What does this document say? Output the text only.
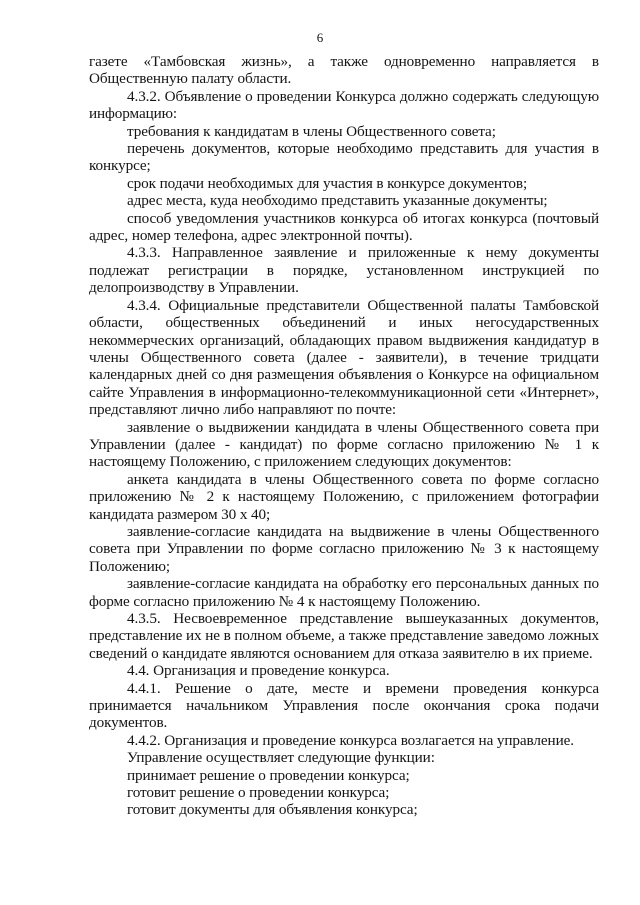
6

газете «Тамбовская жизнь», а также одновременно направляется в Общественную палату области.

4.3.2. Объявление о проведении Конкурса должно содержать следующую информацию:

требования к кандидатам в члены Общественного совета;

перечень документов, которые необходимо представить для участия в конкурсе;

срок подачи необходимых для участия в конкурсе документов;

адрес места, куда необходимо представить указанные документы;

способ уведомления участников конкурса об итогах конкурса (почтовый адрес, номер телефона, адрес электронной почты).

4.3.3. Направленное заявление и приложенные к нему документы подлежат регистрации в порядке, установленном инструкцией по делопроизводству в Управлении.

4.3.4. Официальные представители Общественной палаты Тамбовской области, общественных объединений и иных негосударственных некоммерческих организаций, обладающих правом выдвижения кандидатур в члены Общественного совета (далее - заявители), в течение тридцати календарных дней со дня размещения объявления о Конкурсе на официальном сайте Управления в информационно-телекоммуникационной сети «Интернет», представляют лично либо направляют по почте:

заявление о выдвижении кандидата в члены Общественного совета при Управлении (далее - кандидат) по форме согласно приложению № 1 к настоящему Положению, с приложением следующих документов:

анкета кандидата в члены Общественного совета по форме согласно приложению № 2 к настоящему Положению, с приложением фотографии кандидата размером 30 х 40;

заявление-согласие кандидата на выдвижение в члены Общественного совета при Управлении по форме согласно приложению № 3 к настоящему Положению;

заявление-согласие кандидата на обработку его персональных данных по форме согласно приложению № 4 к настоящему Положению.

4.3.5. Несвоевременное представление вышеуказанных документов, представление их не в полном объеме, а также представление заведомо ложных сведений о кандидате являются основанием для отказа заявителю в их приеме.

4.4. Организация и проведение конкурса.

4.4.1. Решение о дате, месте и времени проведения конкурса принимается начальником Управления после окончания срока подачи документов.

4.4.2. Организация и проведение конкурса возлагается на управление.

Управление осуществляет следующие функции:

принимает решение о проведении конкурса;

готовит решение о проведении конкурса;

готовит документы для объявления конкурса;
